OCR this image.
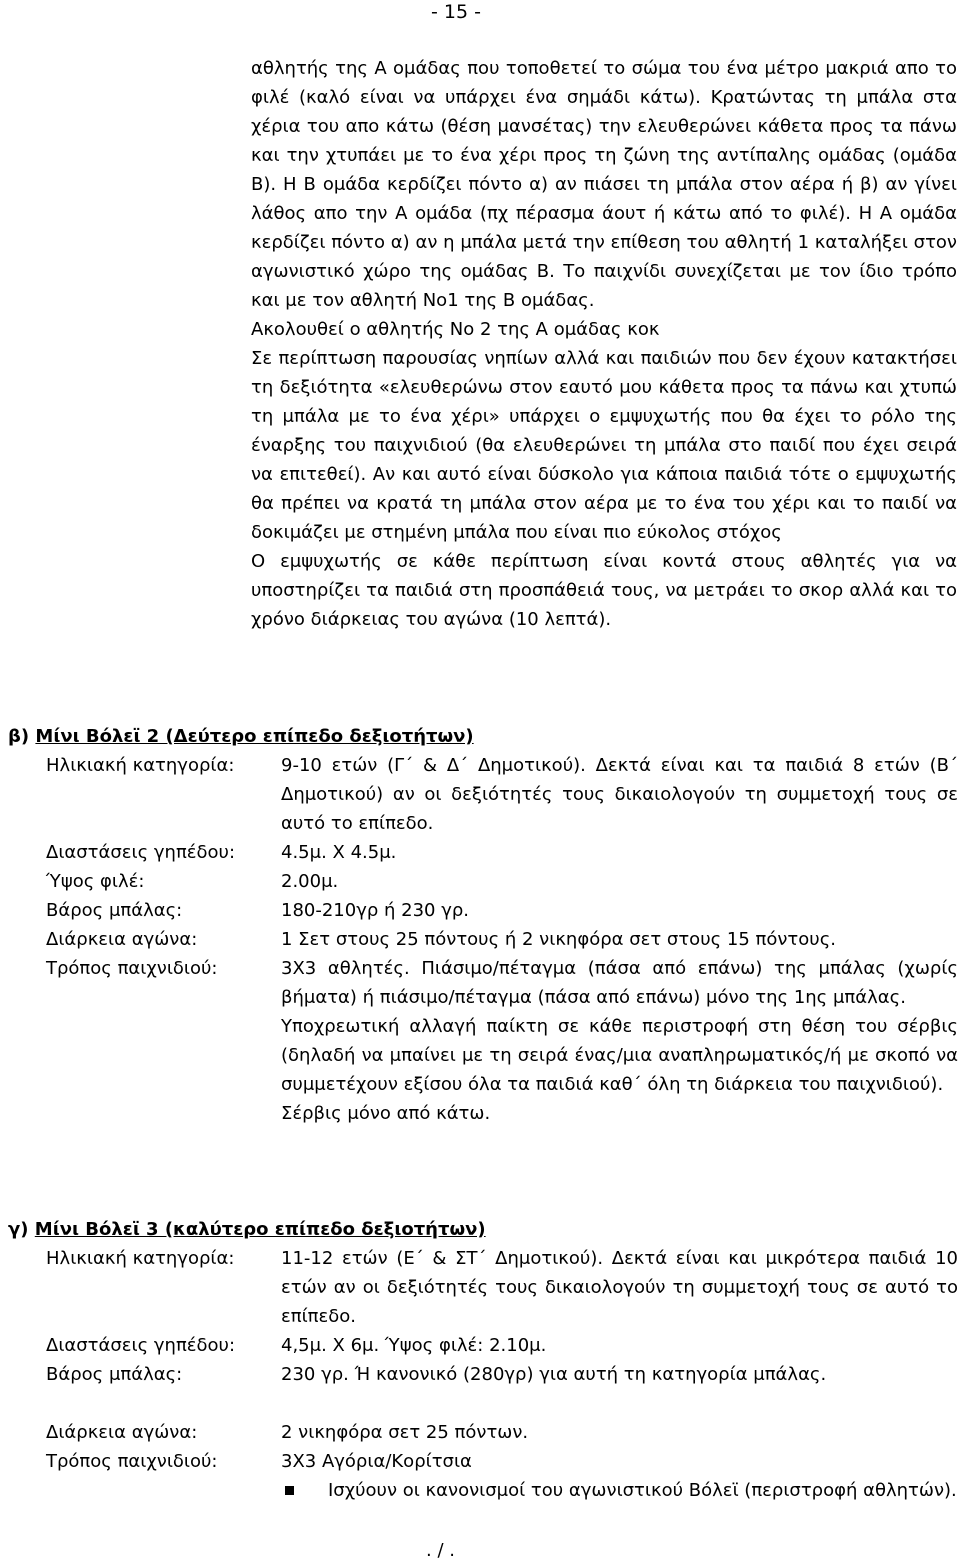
- 15 -
αθλητής της Α ομάδας που τοποθετεί το σώμα του ένα μέτρο μακριά απο το φιλέ (καλό είναι να υπάρχει ένα σημάδι κάτω). Κρατώντας τη μπάλα στα χέρια του απο κάτω (θέση μανσέτας) την ελευθερώνει κάθετα προς τα πάνω και την χτυπάει με το ένα χέρι προς τη ζώνη της αντίπαλης ομάδας (ομάδα Β). Η Β ομάδα κερδίζει πόντο α) αν πιάσει τη μπάλα στον αέρα ή β) αν γίνει λάθος απο την Α ομάδα (πχ πέρασμα άουτ ή κάτω από το φιλέ). Η Α ομάδα κερδίζει πόντο α) αν η μπάλα μετά την επίθεση του αθλητή 1 καταλήξει στον αγωνιστικό χώρο της ομάδας Β. Το παιχνίδι συνεχίζεται με τον ίδιο τρόπο και με τον αθλητή Νο1 της Β ομάδας.
Ακολουθεί ο αθλητής Νο 2 της Α ομάδας κοκ
Σε περίπτωση παρουσίας νηπίων αλλά και παιδιών που δεν έχουν κατακτήσει τη δεξιότητα «ελευθερώνω στον εαυτό μου κάθετα προς τα πάνω και χτυπώ τη μπάλα με το ένα χέρι» υπάρχει ο εμψυχωτής που θα έχει το ρόλο της έναρξης του παιχνιδιού (θα ελευθερώνει τη μπάλα στο παιδί που έχει σειρά να επιτεθεί). Αν και αυτό είναι δύσκολο για κάποια παιδιά τότε ο εμψυχωτής θα πρέπει να κρατά τη μπάλα στον αέρα με το ένα του χέρι και το παιδί να δοκιμάζει με στημένη μπάλα που είναι πιο εύκολος στόχος
Ο εμψυχωτής σε κάθε περίπτωση είναι κοντά στους αθλητές για να υποστηρίζει τα παιδιά στη προσπάθειά τους, να μετράει το σκορ αλλά και το χρόνο διάρκειας του αγώνα (10 λεπτά).
β) Μίνι Βόλεϊ 2 (Δεύτερο επίπεδο δεξιοτήτων)
Ηλικιακή κατηγορία:	9-10 ετών (Γ΄ & Δ΄ Δημοτικού). Δεκτά είναι και τα παιδιά 8 ετών (Β΄ Δημοτικού) αν οι δεξιότητές τους δικαιολογούν τη συμμετοχή τους σε αυτό το επίπεδο.

Διαστάσεις γηπέδου:	4.5μ. Χ 4.5μ.

Ύψος φιλέ:	2.00μ.

Βάρος μπάλας:	180-210γρ ή 230 γρ.

Διάρκεια αγώνα:	1 Σετ στους 25 πόντους ή 2 νικηφόρα σετ στους 15 πόντους.

Τρόπος παιχνιδιού:	3Χ3 αθλητές. Πιάσιμο/πέταγμα (πάσα από επάνω) της μπάλας (χωρίς βήματα) ή πιάσιμο/πέταγμα (πάσα από επάνω) μόνο της 1ης μπάλας.

Υποχρεωτική αλλαγή παίκτη σε κάθε περιστροφή στη θέση του σέρβις (δηλαδή να μπαίνει με τη σειρά ένας/μια αναπληρωματικός/ή με σκοπό να συμμετέχουν εξίσου όλα τα παιδιά καθ΄ όλη τη διάρκεια του παιχνιδιού).

Σέρβις μόνο από κάτω.

γ) Μίνι Βόλεϊ 3 (καλύτερο επίπεδο δεξιοτήτων)
Ηλικιακή κατηγορία:	11-12 ετών (Ε΄ & ΣΤ΄ Δημοτικού). Δεκτά είναι και μικρότερα παιδιά 10 ετών αν οι δεξιότητές τους δικαιολογούν τη συμμετοχή τους σε αυτό το επίπεδο.

Διαστάσεις γηπέδου:	4,5μ. Χ 6μ. Ύψος φιλέ: 2.10μ.

Βάρος μπάλας:	230 γρ. Ή κανονικό (280γρ) για αυτή τη κατηγορία μπάλας.

Διάρκεια αγώνα:	2 νικηφόρα σετ 25 πόντων.

Τρόπος παιχνιδιού:	3Χ3 Αγόρια/Κορίτσια

Ισχύουν οι κανονισμοί του αγωνιστικού Βόλεϊ (περιστροφή αθλητών).
. / .
